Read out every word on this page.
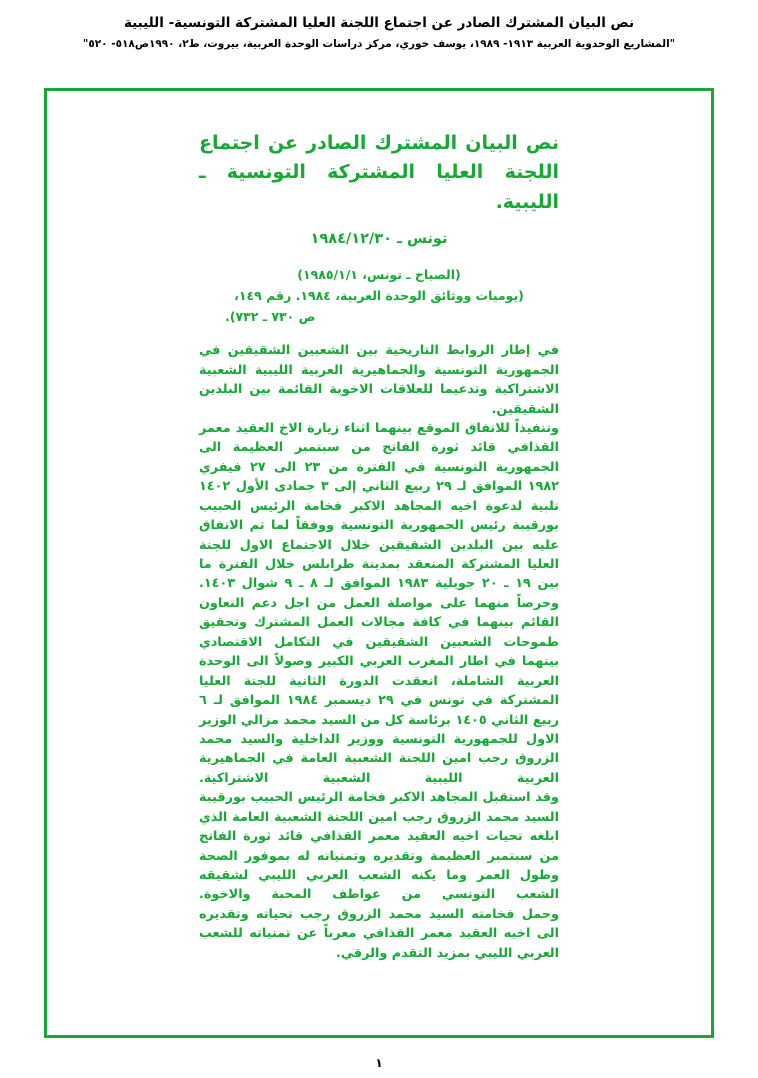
نص البيان المشترك الصادر عن اجتماع اللجنة العليا المشتركة التونسية- الليبية
"المشاريع الوحدوية العربية ١٩١٣- ١٩٨٩، يوسف خوري، مركز دراسات الوحدة العربية، بيروت، ط٢، ١٩٩٠ص٥١٨- ٥٢٠"
نص البيان المشترك الصادر عن اجتماع اللجنة العليا المشتركة التونسية ـ الليبية.
تونس ـ ١٩٨٤/١٢/٣٠
(الصباح ـ تونس، ١٩٨٥/١/١)
(يوميات ووثائق الوحدة العربية، ١٩٨٤. رقم ١٤٩،
ص ٧٣٠ ـ ٧٣٢).

في إطار الروابط التاريخية بين الشعبين الشقيقين في الجمهورية التونسية والجماهيرية العربية الليبية الشعبية الاشتراكية وتدعيما للعلاقات الاخوية القائمة بين البلدين الشقيقين.

وتنفيذاً للاتفاق الموقع بينهما اثناء زيارة الاخ العقيد معمر القذافي قائد ثورة الفاتح من سبتمبر العظيمة الى الجمهورية التونسية في الفترة من ٢٣ الى ٢٧ فيفري ١٩٨٢ الموافق لـ ٢٩ ربيع الثاني إلى ٣ جمادى الأول ١٤٠٢ تلبية لدعوة اخيه المجاهد الاكبر فخامة الرئيس الحبيب بورقيبة رئيس الجمهورية التونسية ووفقاً لما تم الاتفاق عليه بين البلدين الشقيقين خلال الاجتماع الاول للجنة العليا المشتركة المنعقد بمدينة طرابلس خلال الفترة ما بين ١٩ ـ ٢٠ جويلية ١٩٨٣ الموافق لـ ٨ ـ ٩ شوال ١٤٠٣.

وحرصاً منهما على مواصلة العمل من اجل دعم التعاون القائم بينهما في كافة مجالات العمل المشترك وتحقيق طموحات الشعبين الشقيقين في التكامل الاقتصادي بينهما في اطار المغرب العربي الكبير وصولاً الى الوحدة العربية الشاملة، انعقدت الدورة الثانية للجنة العليا المشتركة في تونس في ٢٩ ديسمبر ١٩٨٤ الموافق لـ ٦ ربيع الثاني ١٤٠٥ برئاسة كل من السيد محمد مزالي الوزير الاول للجمهورية التونسية ووزير الداخلية والسيد محمد الزروق رجب امين اللجنة الشعبية العامة في الجماهيرية العربية الليبية الشعبية الاشتراكية.

وقد استقبل المجاهد الاكبر فخامة الرئيس الحبيب بورقيبة السيد محمد الزروق رجب امين اللجنة الشعبية العامة الذي ابلغه تحيات اخيه العقيد معمر القذافي قائد ثورة الفاتح من سبتمبر العظيمة وتقديره وتمنياته له بموفور الصحة وطول العمر وما يكنه الشعب العربي الليبي لشقيقه الشعب التونسي من عواطف المحبة والاخوة.

وحمل فخامته السيد محمد الزروق رجب تحياته وتقديره الى اخيه العقيد معمر القذافي معرباً عن تمنياته للشعب العربي الليبي بمزيد التقدم والرقي.

١
